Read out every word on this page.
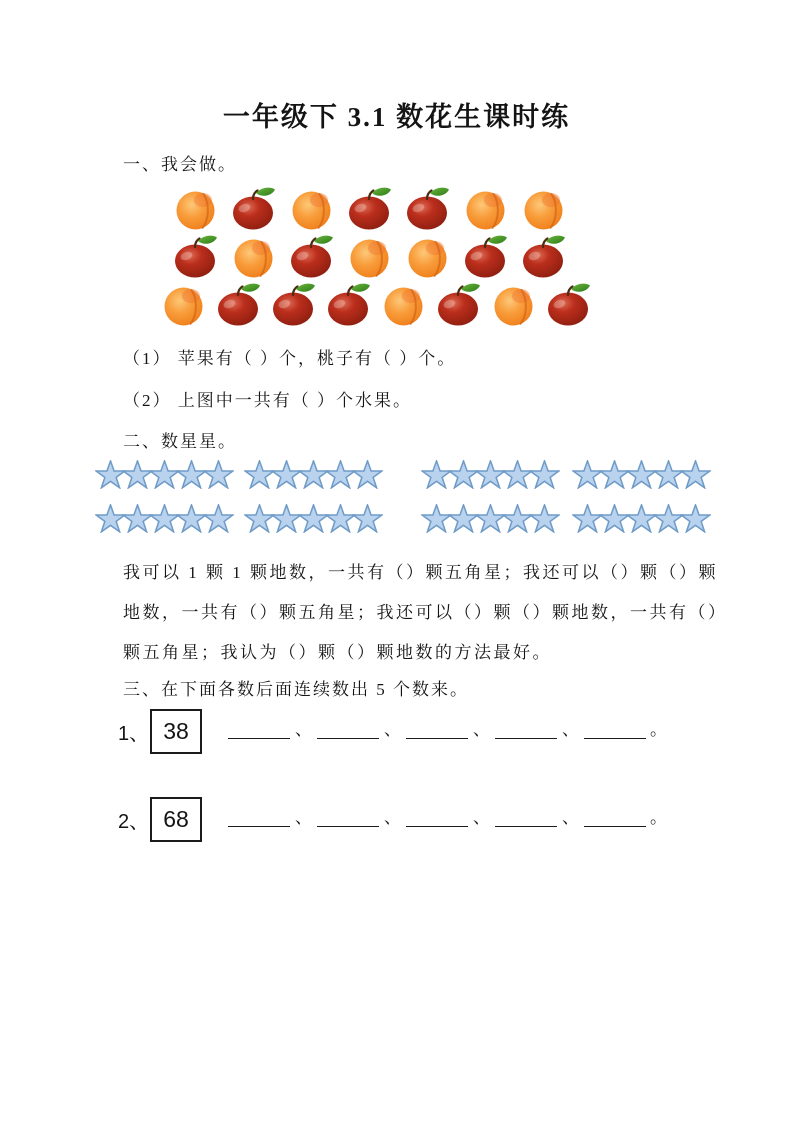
一年级下 3.1 数花生课时练
一、我会做。
（1） 苹果有（ ）个，桃子有（ ）个。
（2） 上图中一共有（ ）个水果。
二、数星星。
我可以 1 颗 1 颗地数，一共有（）颗五角星；我还可以（）颗（）颗
地数，一共有（）颗五角星；我还可以（）颗（）颗地数，一共有（）
颗五角星；我认为（）颗（）颗地数的方法最好。
三、在下面各数后面连续数出 5 个数来。
1、 38	、	、	、	、	。
2、 68	、	、	、	、	。
